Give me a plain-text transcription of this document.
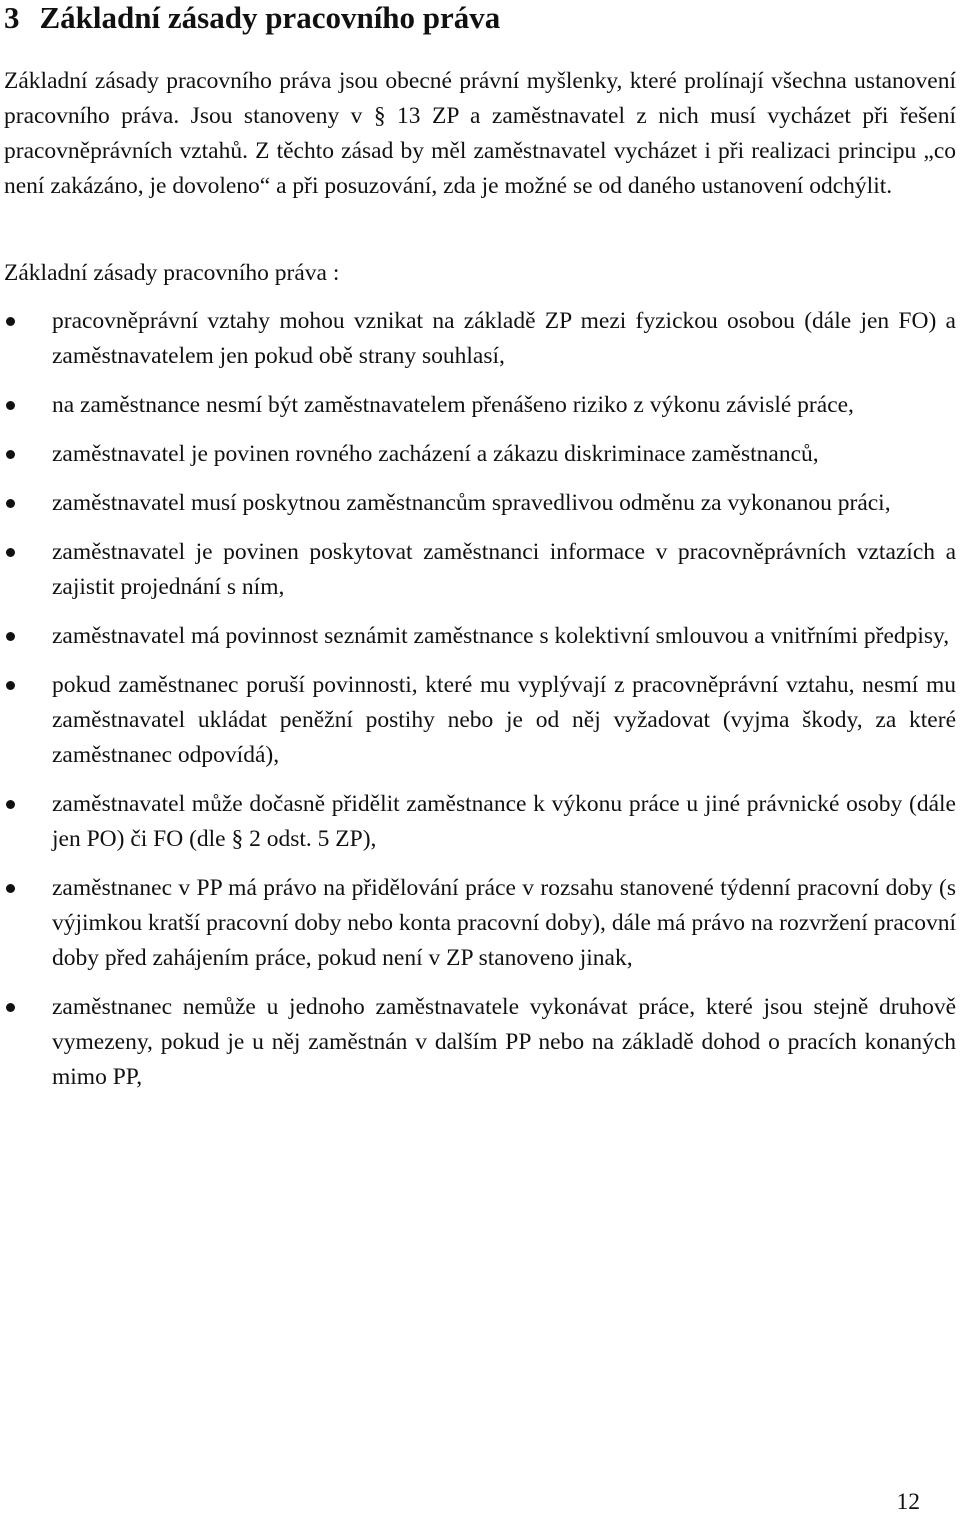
3 Základní zásady pracovního práva

Základní zásady pracovního práva jsou obecné právní myšlenky, které prolínají všechna ustanovení pracovního práva. Jsou stanoveny v § 13 ZP a zaměstnavatel z nich musí vycházet při řešení pracovněprávních vztahů. Z těchto zásad by měl zaměstnavatel vycházet i při realizaci principu „co není zakázáno, je dovoleno“ a při posuzování, zda je možné se od daného ustanovení odchýlit.

Základní zásady pracovního práva :

pracovněprávní vztahy mohou vznikat na základě ZP mezi fyzickou osobou (dále jen FO) a zaměstnavatelem jen pokud obě strany souhlasí,
na zaměstnance nesmí být zaměstnavatelem přenášeno riziko z výkonu závislé práce,
zaměstnavatel je povinen rovného zacházení a zákazu diskriminace zaměstnanců,
zaměstnavatel musí poskytnou zaměstnancům spravedlivou odměnu za vykonanou práci,
zaměstnavatel je povinen poskytovat zaměstnanci informace v pracovněprávních vztazích a zajistit projednání s ním,
zaměstnavatel má povinnost seznámit zaměstnance s kolektivní smlouvou a vnitřními předpisy,
pokud zaměstnanec poruší povinnosti, které mu vyplývají z pracovněprávní vztahu, nesmí mu zaměstnavatel ukládat peněžní postihy nebo je od něj vyžadovat (vyjma škody, za které zaměstnanec odpovídá),
zaměstnavatel může dočasně přidělit zaměstnance k výkonu práce u jiné právnické osoby (dále jen PO) či FO (dle § 2 odst. 5 ZP),
zaměstnanec v PP má právo na přidělování práce v rozsahu stanovené týdenní pracovní doby (s výjimkou kratší pracovní doby nebo konta pracovní doby), dále má právo na rozvržení pracovní doby před zahájením práce, pokud není v ZP stanoveno jinak,
zaměstnanec nemůže u jednoho zaměstnavatele vykonávat práce, které jsou stejně druhově vymezeny, pokud je u něj zaměstnán v dalším PP nebo na základě dohod o pracích konaných mimo PP,
12
